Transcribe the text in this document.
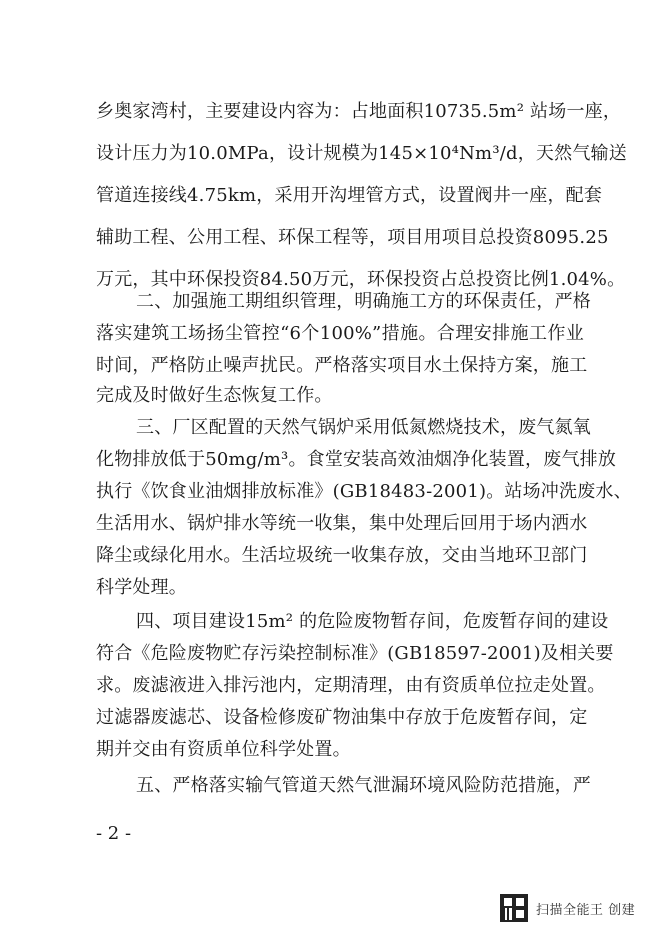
乡奥家湾村，主要建设内容为：占地面积10735.5m² 站场一座，
设计压力为10.0MPa，设计规模为145×10⁴Nm³/d，天然气输送
管道连接线4.75km，采用开沟埋管方式，设置阀井一座，配套
辅助工程、公用工程、环保工程等，项目用项目总投资8095.25
万元，其中环保投资84.50万元，环保投资占总投资比例1.04%。
二、加强施工期组织管理，明确施工方的环保责任，严格
落实建筑工场扬尘管控“6个100%”措施。合理安排施工作业
时间，严格防止噪声扰民。严格落实项目水土保持方案，施工
完成及时做好生态恢复工作。
三、厂区配置的天然气锅炉采用低氮燃烧技术，废气氮氧
化物排放低于50mg/m³。食堂安装高效油烟净化装置，废气排放
执行《饮食业油烟排放标准》(GB18483-2001)。站场冲洗废水、
生活用水、锅炉排水等统一收集，集中处理后回用于场内洒水
降尘或绿化用水。生活垃圾统一收集存放，交由当地环卫部门
科学处理。
四、项目建设15m² 的危险废物暂存间，危废暂存间的建设
符合《危险废物贮存污染控制标准》(GB18597-2001)及相关要
求。废滤液进入排污池内，定期清理，由有资质单位拉走处置。
过滤器废滤芯、设备检修废矿物油集中存放于危废暂存间，定
期并交由有资质单位科学处置。
五、严格落实输气管道天然气泄漏环境风险防范措施，严
- 2 -
扫描全能王 创建
